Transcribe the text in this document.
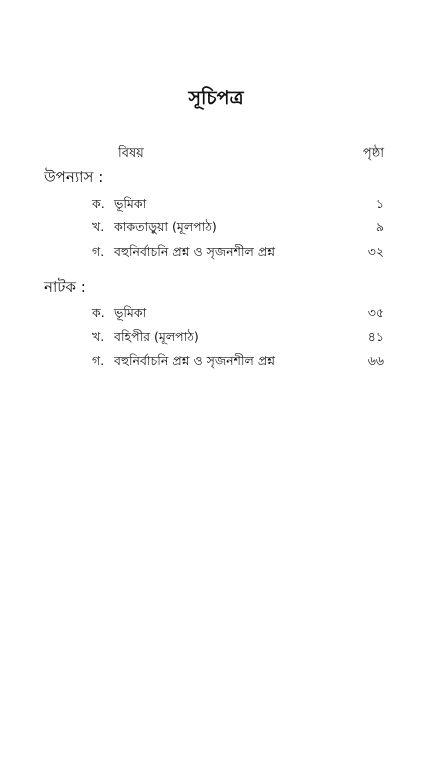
সূচিপত্র
বিষয়	পৃষ্ঠা
উপন্যাস :
ক. ভূমিকা	১
খ. কাকতাড়ুয়া (মূলপাঠ)	৯
গ. বহুনির্বাচনি প্রশ্ন ও সৃজনশীল প্রশ্ন	৩২
নাটক :
ক. ভূমিকা	৩৫
খ. বহিপীর (মূলপাঠ)	৪১
গ. বহুনির্বাচনি প্রশ্ন ও সৃজনশীল প্রশ্ন	৬৬
